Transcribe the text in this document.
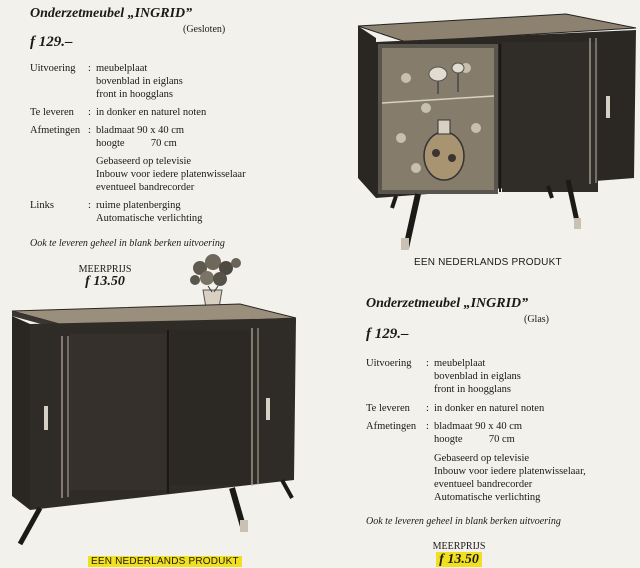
Onderzetmeubel „INGRID”
(Gesloten)
f 129.–
Uitvoering : meubelplaat
bovenblad in eiglans
front in hoogglans
Te leveren : in donker en naturel noten
Afmetingen : bladmaat 90 x 40 cm
hoogte          70 cm
Gebaseerd op televisie
Inbouw voor iedere platenwisselaar
eventueel bandrecorder
Links	: ruime platenberging
Automatische verlichting
Ook te leveren geheel in blank berken uitvoering
MEERPRIJS
f 13.50
EEN NEDERLANDS PRODUKT
EEN NEDERLANDS PRODUKT
Onderzetmeubel „INGRID”
(Glas)
f 129.–
Uitvoering : meubelplaat
bovenblad in eiglans
front in hoogglans
Te leveren : in donker en naturel noten
Afmetingen : bladmaat 90 x 40 cm
hoogte          70 cm
Gebaseerd op televisie
Inbouw voor iedere platenwisselaar,
eventueel bandrecorder
Automatische verlichting
Ook te leveren geheel in blank berken uitvoering
MEERPRIJS
f 13.50
